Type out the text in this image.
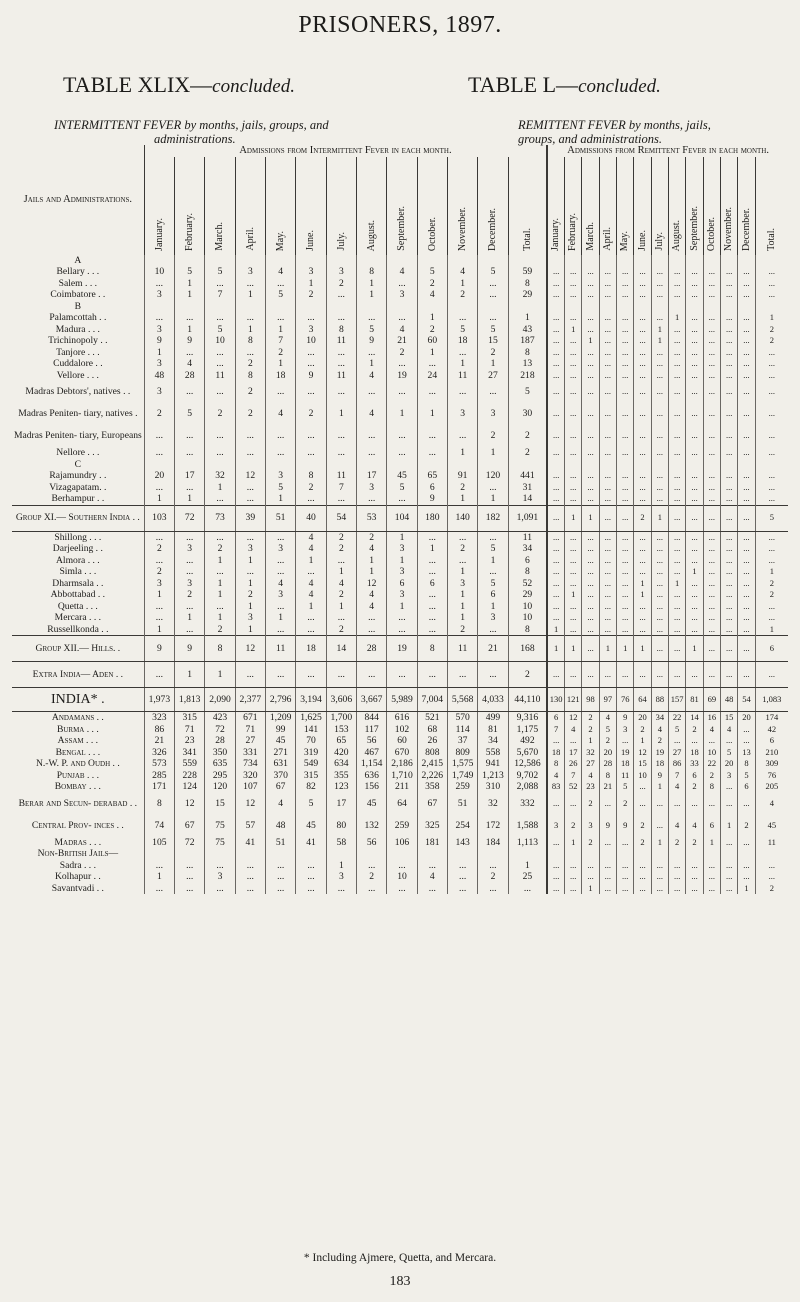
PRISONERS, 1897.
TABLE XLIX—concluded.	TABLE L—concluded.
INTERMITTENT FEVER by months, jails, groups, and
administrations.
REMITTENT FEVER by months, jails,
groups, and administrations.
Jails and Administrations.	Admissions from Intermittent Fever in each month.													Admissions from Remittent Fever in each month.												
	January.	February.	March.	April.	May.	June.	July.	August.	September.	October.	November.	December.	Total.	January.	February.	March.	April.	May.	June.	July.	August.	September.	October.	November.	December.	Total.
A																										
Bellary . . .	10	5	5	3	4	3	3	8	4	5	4	5	59	...	...	...	...	...	...	...	...	...	...	...	...	...
Salem . . .	...	1	...	...	...	1	2	1	...	2	1	...	8	...	...	...	...	...	...	...	...	...	...	...	...	...
Coimbatore . .	3	1	7	1	5	2	...	1	3	4	2	...	29	...	...	...	...	...	...	...	...	...	...	...	...	...
B																										
Palamcottah . .	...	...	...	...	...	...	...	...	...	1	...	...	1	...	...	...	...	...	...	...	1	...	...	...	...	1
Madura . . .	3	1	5	1	1	3	8	5	4	2	5	5	43	...	1	...	...	...	...	1	...	...	...	...	...	2
Trichinopoly . .	9	9	10	8	7	10	11	9	21	60	18	15	187	...	...	1	...	...	...	1	...	...	...	...	...	2
Tanjore . . .	1	...	...	...	2	...	...	...	2	1	...	2	8	...	...	...	...	...	...	...	...	...	...	...	...	...
Cuddalore . .	3	4	...	2	1	...	...	1	...	...	1	1	13	...	...	...	...	...	...	...	...	...	...	...	...	...
Vellore . . .	48	28	11	8	18	9	11	4	19	24	11	27	218	...	...	...	...	...	...	...	...	...	...	...	...	...
Madras Debtors', natives . .	3	...	...	2	...	...	...	...	...	...	...	...	5	...	...	...	...	...	...	...	...	...	...	...	...	...
Madras Peniten- tiary, natives .	2	5	2	2	4	2	1	4	1	1	3	3	30	...	...	...	...	...	...	...	...	...	...	...	...	...
Madras Peniten- tiary, Europeans	...	...	...	...	...	...	...	...	...	...	...	2	2	...	...	...	...	...	...	...	...	...	...	...	...	...
Nellore . . .	...	...	...	...	...	...	...	...	...	...	1	1	2	...	...	...	...	...	...	...	...	...	...	...	...	...
C																										
Rajamundry . .	20	17	32	12	3	8	11	17	45	65	91	120	441	...	...	...	...	...	...	...	...	...	...	...	...	...
Vizagapatam. .	...	...	1	...	5	2	7	3	5	6	2	...	31	...	...	...	...	...	...	...	...	...	...	...	...	...
Berhampur . .	1	1	...	...	1	...	...	...	...	9	1	1	14	...	...	...	...	...	...	...	...	...	...	...	...	...
Group XI.— Southern India . .	103	72	73	39	51	40	54	53	104	180	140	182	1,091	...	1	1	...	...	2	1	...	...	...	...	...	5
Shillong . . .	...	...	...	...	...	4	2	2	1	...	...	...	11	...	...	...	...	...	...	...	...	...	...	...	...	...
Darjeeling . .	2	3	2	3	3	4	2	4	3	1	2	5	34	...	...	...	...	...	...	...	...	...	...	...	...	...
Almora . . .	...	...	1	1	...	1	...	1	1	...	...	1	6	...	...	...	...	...	...	...	...	...	...	...	...	...
Simla . . .	2	...	...	...	...	...	1	1	3	...	1	...	8	...	...	...	...	...	...	...	...	1	...	...	...	1
Dharmsala . .	3	3	1	1	4	4	4	12	6	6	3	5	52	...	...	...	...	...	1	...	1	...	...	...	...	2
Abbottabad . .	1	2	1	2	3	4	2	4	3	...	1	6	29	...	1	...	...	...	1	...	...	...	...	...	...	2
Quetta . . .	...	...	...	1	...	1	1	4	1	...	1	1	10	...	...	...	...	...	...	...	...	...	...	...	...	...
Mercara . . .	...	1	1	3	1	...	...	...	...	...	1	3	10	...	...	...	...	...	...	...	...	...	...	...	...	...
Russellkonda . .	1	...	2	1	...	...	2	...	...	...	2	...	8	1	...	...	...	...	...	...	...	...	...	...	...	1
Group XII.— Hills. .	9	9	8	12	11	18	14	28	19	8	11	21	168	1	1	...	1	1	1	...	...	1	...	...	...	6
Extra India— Aden . .	...	1	1	...	...	...	...	...	...	...	...	...	2	...	...	...	...	...	...	...	...	...	...	...	...	...
INDIA* .	1,973	1,813	2,090	2,377	2,796	3,194	3,606	3,667	5,989	7,004	5,568	4,033	44,110	130	121	98	97	76	64	88	157	81	69	48	54	1,083
Andamans . .	323	315	423	671	1,209	1,625	1,700	844	616	521	570	499	9,316	6	12	2	4	9	20	34	22	14	16	15	20	174
Burma . . .	86	71	72	71	99	141	153	117	102	68	114	81	1,175	7	4	2	5	3	2	4	5	2	4	4	...	42
Assam . . .	21	23	28	27	45	70	65	56	60	26	37	34	492	...	...	1	2	...	1	2	...	...	...	...	...	6
Bengal . . .	326	341	350	331	271	319	420	467	670	808	809	558	5,670	18	17	32	20	19	12	19	27	18	10	5	13	210
N.-W. P. and Oudh . .	573	559	635	734	631	549	634	1,154	2,186	2,415	1,575	941	12,586	8	26	27	28	18	15	18	86	33	22	20	8	309
Punjab . . .	285	228	295	320	370	315	355	636	1,710	2,226	1,749	1,213	9,702	4	7	4	8	11	10	9	7	6	2	3	5	76
Bombay . . .	171	124	120	107	67	82	123	156	211	358	259	310	2,088	83	52	23	21	5	...	1	4	2	8	...	6	205
Berar and Secun- derabad . .	8	12	15	12	4	5	17	45	64	67	51	32	332	...	...	2	...	2	...	...	...	...	...	...	...	4
Central Prov- inces . .	74	67	75	57	48	45	80	132	259	325	254	172	1,588	3	2	3	9	9	2	...	4	4	6	1	2	45
Madras . . .	105	72	75	41	51	41	58	56	106	181	143	184	1,113	...	1	2	...	...	2	1	2	2	1	...	...	11
Non-British Jails—																										
Sadra . . .	...	...	...	...	...	...	1	...	...	...	...	...	1	...	...	...	...	...	...	...	...	...	...	...	...	...
Kolhapur . .	1	...	3	...	...	...	3	2	10	4	...	2	25	...	...	...	...	...	...	...	...	...	...	...	...	...
Savantvadi . .	...	...	...	...	...	...	...	...	...	...	...	...	...	...	...	1	...	...	...	...	...	...	...	...	1	2
* Including Ajmere, Quetta, and Mercara.
183
